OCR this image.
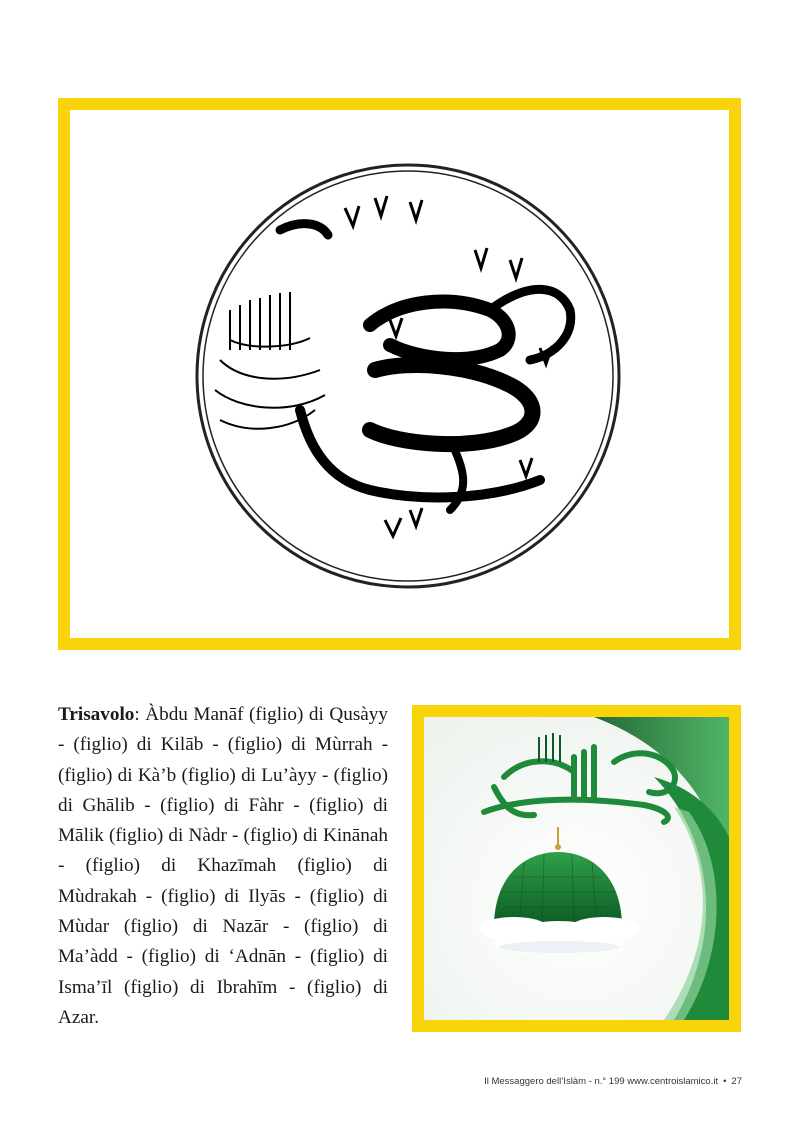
Trisavolo: Àbdu Manāf (figlio) di Qusàyy - (figlio) di Kilāb - (figlio) di Mùrrah - (figlio) di Kà’b (figlio) di Lu’àyy - (figlio) di Ghālib - (figlio) di Fàhr - (figlio) di Mālik (figlio) di Nàdr - (figlio) di Kinānah - (figlio) di Khazīmah (figlio) di Mùdrakah - (figlio) di Ilyās - (figlio) di Mùdar (figlio) di Nazār - (figlio) di Ma’àdd - (figlio) di ‘Adnān - (figlio) di Isma’īl (figlio) di Ibrahīm - (figlio) di Azar.
Il Messaggero dell’Islàm - n.° 199 www.centroislamico.it • 27
